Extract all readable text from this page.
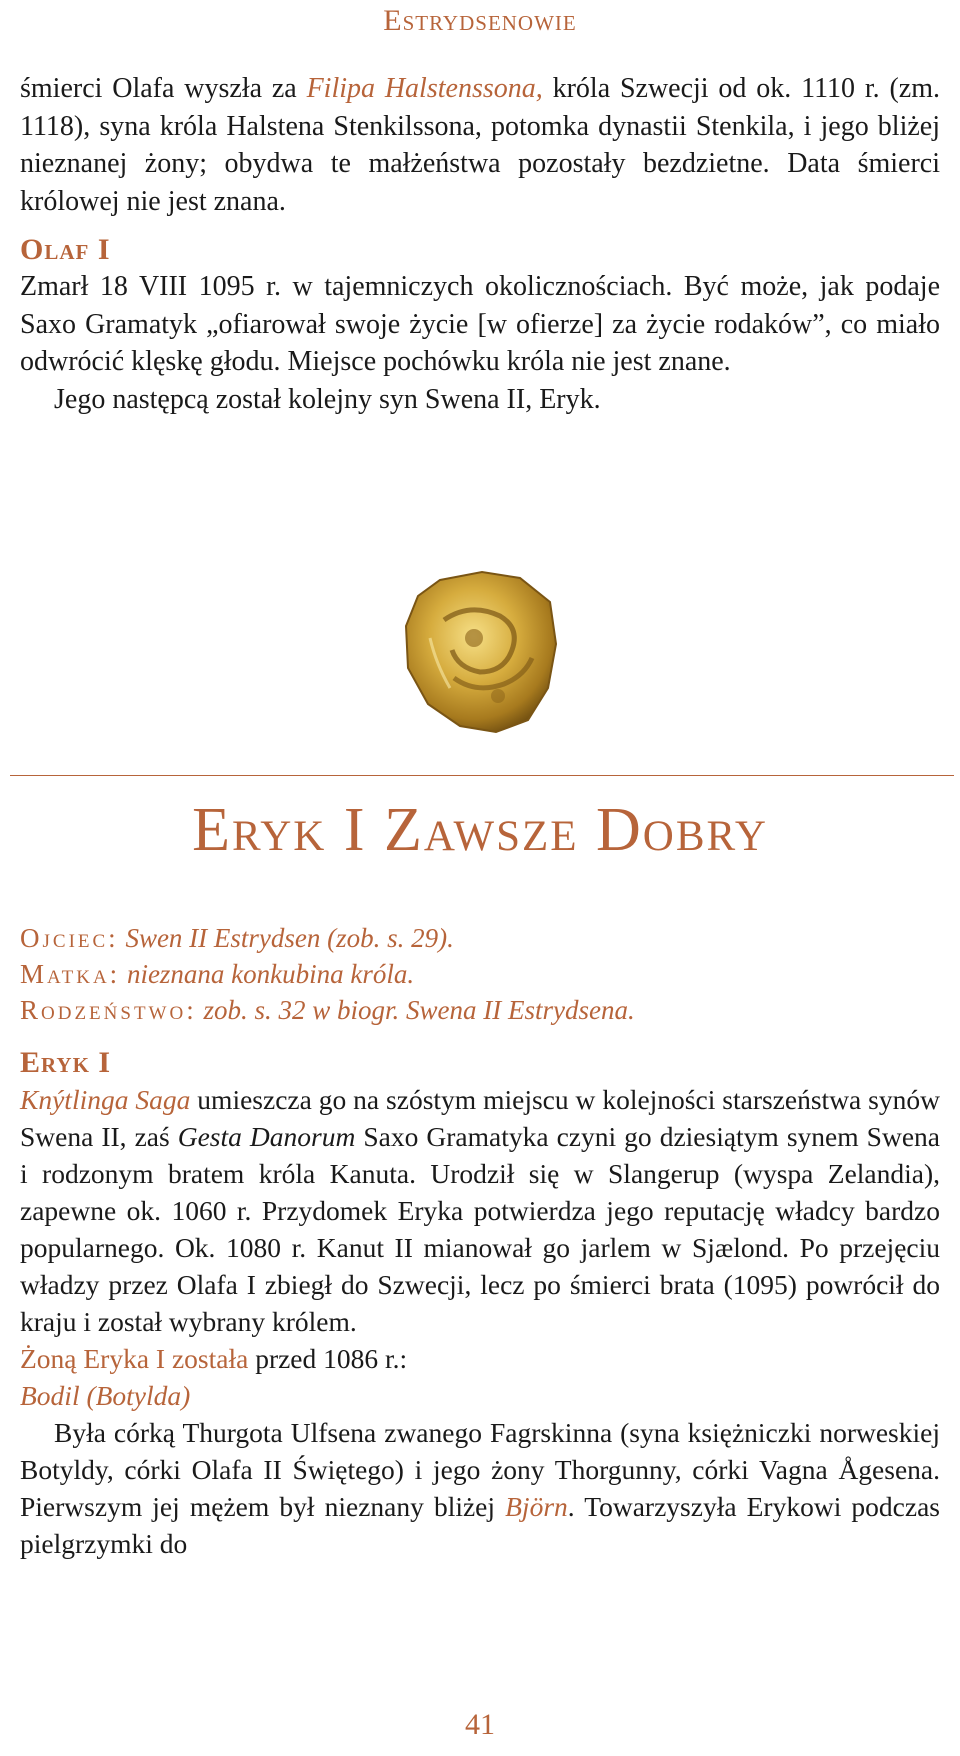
Estrydsenowie

śmierci Olafa wyszła za Filipa Halstenssona, króla Szwecji od ok. 1110 r. (zm. 1118), syna króla Halstena Stenkilssona, potomka dynastii Stenkila, i jego bliżej nieznanej żony; obydwa te małżeństwa pozostały bezdzietne. Data śmierci królowej nie jest znana.

Olaf I

Zmarł 18 VIII 1095 r. w tajemniczych okolicznościach. Być może, jak podaje Saxo Gramatyk „ofiarował swoje życie [w ofierze] za życie rodaków”, co miało odwrócić klęskę głodu. Miejsce pochówku króla nie jest znane.

Jego następcą został kolejny syn Swena II, Eryk.

Eryk I Zawsze Dobry
Ojciec: Swen II Estrydsen (zob. s. 29).
Matka: nieznana konkubina króla.
Rodzeństwo: zob. s. 32 w biogr. Swena II Estrydsena.
Eryk I

Knýtlinga Saga umieszcza go na szóstym miejscu w kolejności starszeństwa synów Swena II, zaś Gesta Danorum Saxo Gramatyka czyni go dziesiątym synem Swena i rodzonym bratem króla Kanuta. Urodził się w Slangerup (wyspa Zelandia), zapewne ok. 1060 r. Przydomek Eryka potwierdza jego reputację władcy bardzo popularnego. Ok. 1080 r. Kanut II mianował go jarlem w Sjælond. Po przejęciu władzy przez Olafa I zbiegł do Szwecji, lecz po śmierci brata (1095) powrócił do kraju i został wybrany królem.

Żoną Eryka I została przed 1086 r.:

Bodil (Botylda)

Była córką Thurgota Ulfsena zwanego Fagrskinna (syna księżniczki norweskiej Botyldy, córki Olafa II Świętego) i jego żony Thorgunny, córki Vagna Ågesena. Pierwszym jej mężem był nieznany bliżej Björn. Towarzyszyła Erykowi podczas pielgrzymki do

41
